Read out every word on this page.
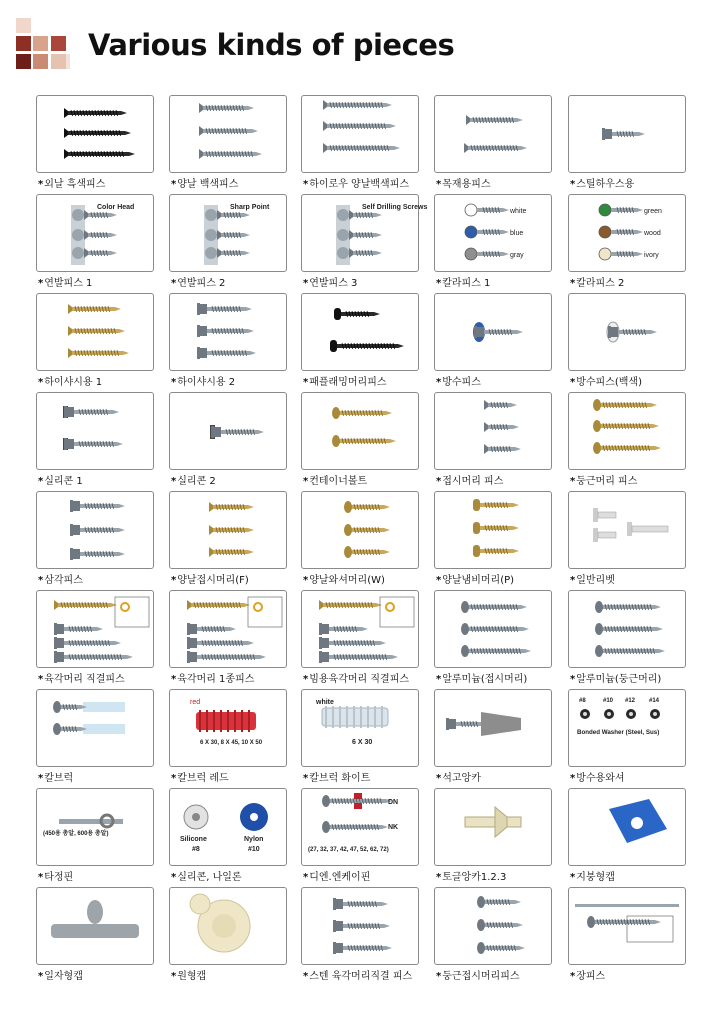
Various kinds of pieces
*외날 흑색피스	*양날 백색피스	*하이로우 양날백색피스	*목재용피스	*스틸하우스용
Color Head
*연발피스 1
Sharp Point
*연발피스 2
Self Drilling Screws
*연발피스 3
white
blue
gray
*칼라피스 1
green
wood
ivory
*칼라피스 2
*하이샤시용 1	*하이샤시용 2	*패플래밍머리피스	*방수피스	*방수피스(백색)
*실리콘 1	*실리콘 2	*컨테이너볼트	*접시머리 피스	*둥근머리 피스
*삼각피스	*양날접시머리(F)	*양날와셔머리(W)	*양날냄비머리(P)	*일반리벳
*육각머리 직결피스	*육각머리 1종피스	*빔용육각머리 직결피스	*알루미늄(접시머리)	*알루미늄(둥근머리)
*칼브럭
red
6 X 30, 8 X 45, 10 X 50
*칼브럭 레드
white
6 X 30
*칼브럭 화이트	*석고앙카
#8	#10 #12 #14
Bonded Washer (Steel, Sus)
*방수용와셔
(450용 총알, 600용 총알)
*타정핀
Silicone
#8
Nylon
#10
*실리콘, 나일론
DN
NK
(27, 32, 37, 42, 47, 52, 62, 72)
*디엔.엔케이핀	*토글앙카1.2.3	*지붕형캡
*일자형캡	*원형캡	*스텐 육각머리직결 피스	*둥근접시머리피스	*장피스
